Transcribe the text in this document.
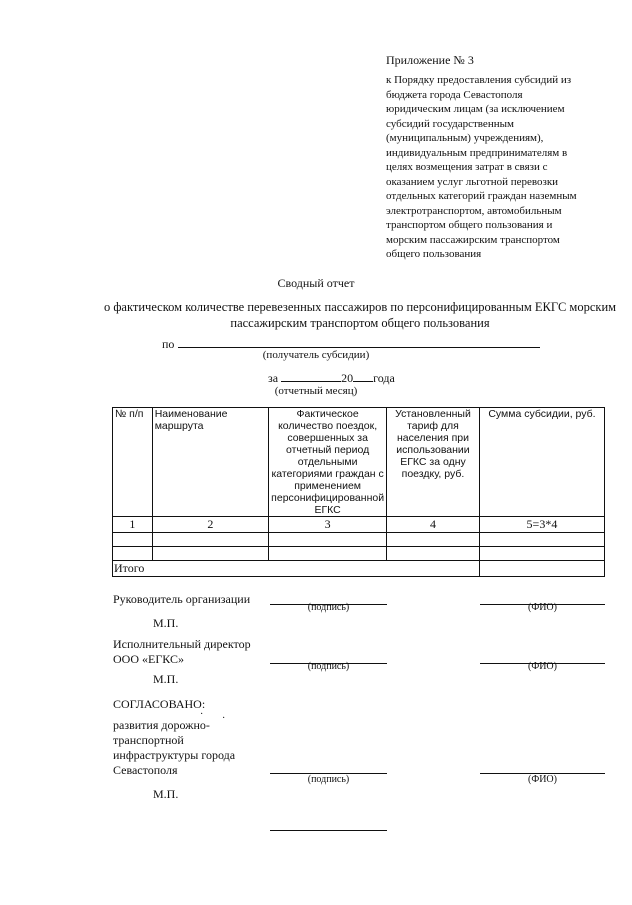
Приложение № 3
к Порядку предоставления субсидий из
бюджета города Севастополя
юридическим лицам (за исключением
субсидий государственным
(муниципальным) учреждениям),
индивидуальным предпринимателям в
целях возмещения затрат в связи с
оказанием услуг льготной перевозки
отдельных категорий граждан наземным
электротранспортом, автомобильным
транспортом общего пользования и
морским пассажирским транспортом
общего пользования
Сводный отчет
о фактическом количестве перевезенных пассажиров по персонифицированным ЕКГС морским
пассажирским транспортом общего пользования
по
(получатель субсидии)
за	20 года
(отчетный месяц)
№ п/п	Наименование маршрута	Фактическое количество поездок, совершенных за отчетный период отдельными категориями граждан с применением персонифицированной ЕГКС	Установленный тариф для населения при использовании ЕГКС за одну поездку, руб.	Сумма субсидии, руб.
1	2	3	4	5=3*4

Итого				
Руководитель организации
(подпись)	(ФИО)
М.П.
Исполнительный директор
ООО «ЕГКС»
(подпись)	(ФИО)
М.П.
СОГЛАСОВАНО:
· ·
развития дорожно-
транспортной
инфраструктуры города
Севастополя
(подпись)	(ФИО)
М.П.
